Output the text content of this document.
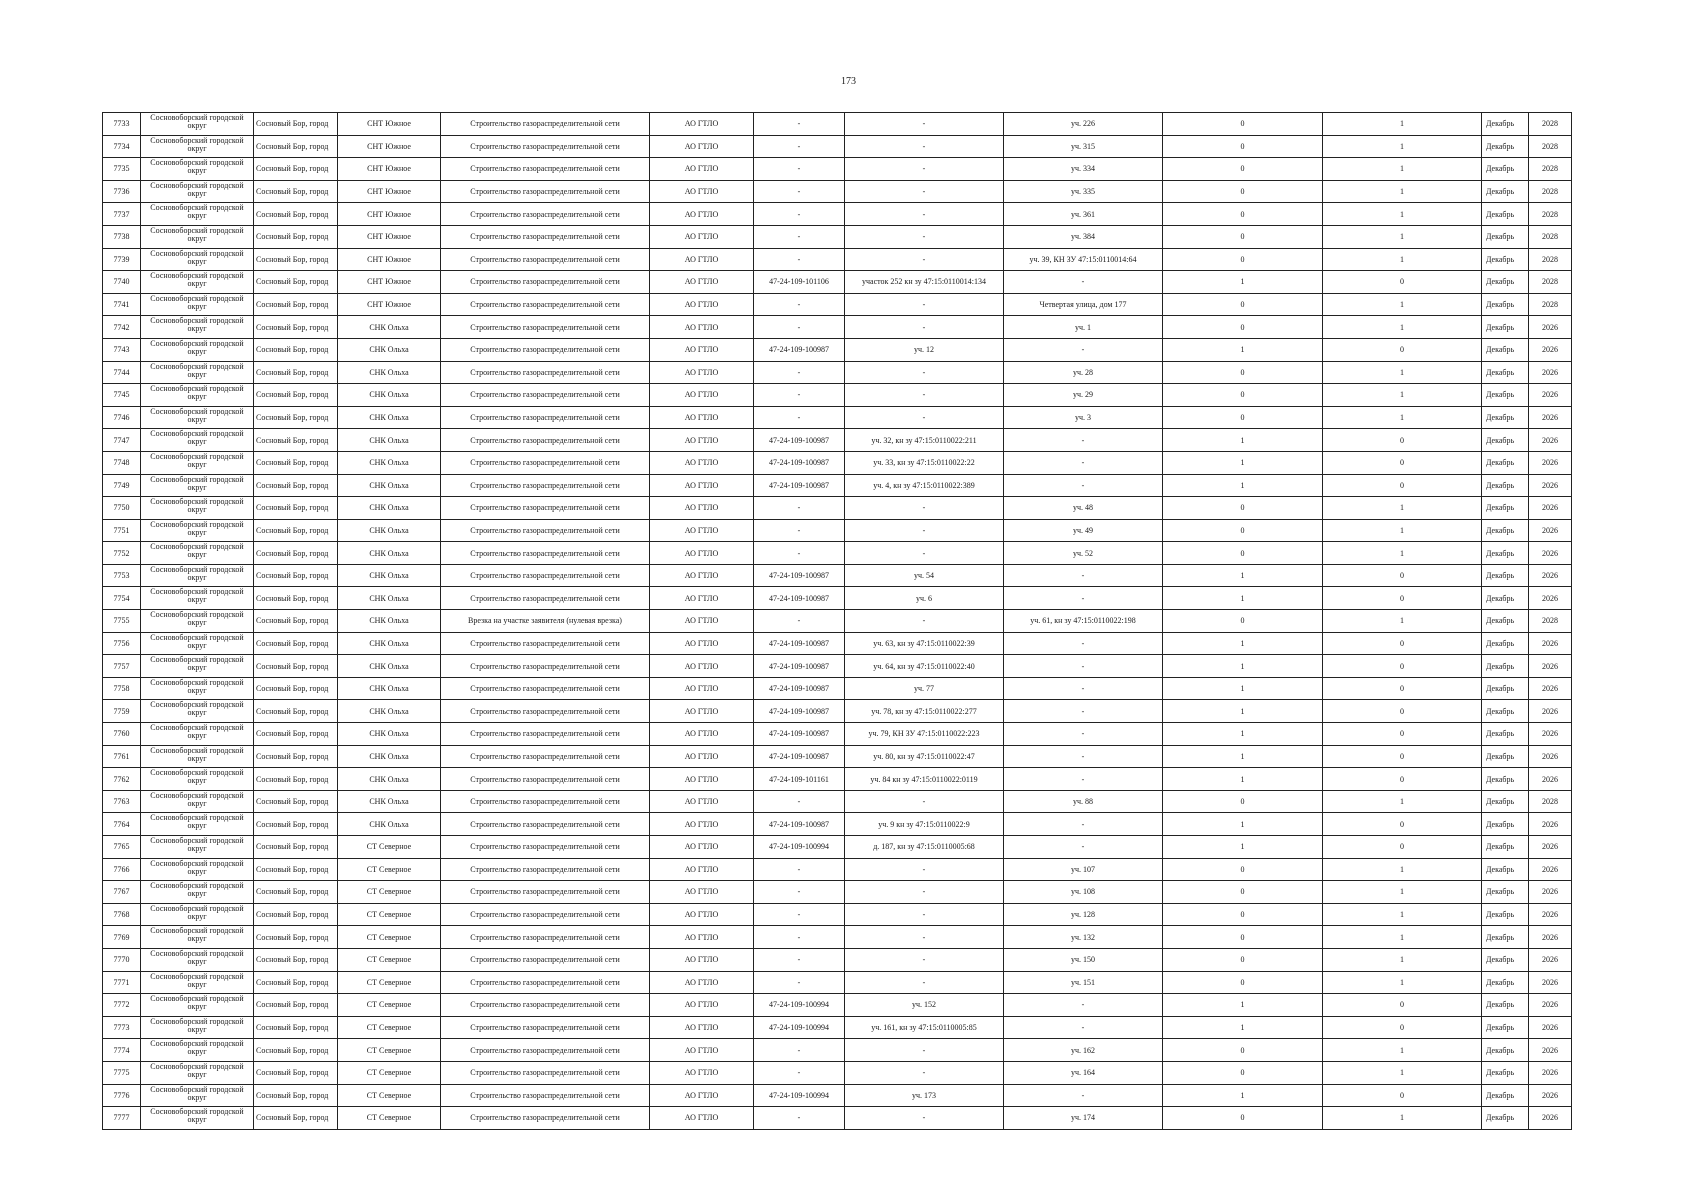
173
7733	Сосновоборский городской округ	Сосновый Бор, город	СНТ Южное	Строительство газораспределительной сети	АО ГТЛО	-	-	уч. 226	0	1	Декабрь	2028
7734	Сосновоборский городской округ	Сосновый Бор, город	СНТ Южное	Строительство газораспределительной сети	АО ГТЛО	-	-	уч. 315	0	1	Декабрь	2028
7735	Сосновоборский городской округ	Сосновый Бор, город	СНТ Южное	Строительство газораспределительной сети	АО ГТЛО	-	-	уч. 334	0	1	Декабрь	2028
7736	Сосновоборский городской округ	Сосновый Бор, город	СНТ Южное	Строительство газораспределительной сети	АО ГТЛО	-	-	уч. 335	0	1	Декабрь	2028
7737	Сосновоборский городской округ	Сосновый Бор, город	СНТ Южное	Строительство газораспределительной сети	АО ГТЛО	-	-	уч. 361	0	1	Декабрь	2028
7738	Сосновоборский городской округ	Сосновый Бор, город	СНТ Южное	Строительство газораспределительной сети	АО ГТЛО	-	-	уч. 384	0	1	Декабрь	2028
7739	Сосновоборский городской округ	Сосновый Бор, город	СНТ Южное	Строительство газораспределительной сети	АО ГТЛО	-	-	уч. 39, КН ЗУ 47:15:0110014:64	0	1	Декабрь	2028
7740	Сосновоборский городской округ	Сосновый Бор, город	СНТ Южное	Строительство газораспределительной сети	АО ГТЛО	47-24-109-101106	участок 252 кн зу 47:15:0110014:134	-	1	0	Декабрь	2028
7741	Сосновоборский городской округ	Сосновый Бор, город	СНТ Южное	Строительство газораспределительной сети	АО ГТЛО	-	-	Четвертая улица, дом 177	0	1	Декабрь	2028
7742	Сосновоборский городской округ	Сосновый Бор, город	СНК Ольха	Строительство газораспределительной сети	АО ГТЛО	-	-	уч. 1	0	1	Декабрь	2026
7743	Сосновоборский городской округ	Сосновый Бор, город	СНК Ольха	Строительство газораспределительной сети	АО ГТЛО	47-24-109-100987	уч. 12	-	1	0	Декабрь	2026
7744	Сосновоборский городской округ	Сосновый Бор, город	СНК Ольха	Строительство газораспределительной сети	АО ГТЛО	-	-	уч. 28	0	1	Декабрь	2026
7745	Сосновоборский городской округ	Сосновый Бор, город	СНК Ольха	Строительство газораспределительной сети	АО ГТЛО	-	-	уч. 29	0	1	Декабрь	2026
7746	Сосновоборский городской округ	Сосновый Бор, город	СНК Ольха	Строительство газораспределительной сети	АО ГТЛО	-	-	уч. 3	0	1	Декабрь	2026
7747	Сосновоборский городской округ	Сосновый Бор, город	СНК Ольха	Строительство газораспределительной сети	АО ГТЛО	47-24-109-100987	уч. 32, кн зу 47:15:0110022:211	-	1	0	Декабрь	2026
7748	Сосновоборский городской округ	Сосновый Бор, город	СНК Ольха	Строительство газораспределительной сети	АО ГТЛО	47-24-109-100987	уч. 33, кн зу 47:15:0110022:22	-	1	0	Декабрь	2026
7749	Сосновоборский городской округ	Сосновый Бор, город	СНК Ольха	Строительство газораспределительной сети	АО ГТЛО	47-24-109-100987	уч. 4, кн зу 47:15:0110022:389	-	1	0	Декабрь	2026
7750	Сосновоборский городской округ	Сосновый Бор, город	СНК Ольха	Строительство газораспределительной сети	АО ГТЛО	-	-	уч. 48	0	1	Декабрь	2026
7751	Сосновоборский городской округ	Сосновый Бор, город	СНК Ольха	Строительство газораспределительной сети	АО ГТЛО	-	-	уч. 49	0	1	Декабрь	2026
7752	Сосновоборский городской округ	Сосновый Бор, город	СНК Ольха	Строительство газораспределительной сети	АО ГТЛО	-	-	уч. 52	0	1	Декабрь	2026
7753	Сосновоборский городской округ	Сосновый Бор, город	СНК Ольха	Строительство газораспределительной сети	АО ГТЛО	47-24-109-100987	уч. 54	-	1	0	Декабрь	2026
7754	Сосновоборский городской округ	Сосновый Бор, город	СНК Ольха	Строительство газораспределительной сети	АО ГТЛО	47-24-109-100987	уч. 6	-	1	0	Декабрь	2026
7755	Сосновоборский городской округ	Сосновый Бор, город	СНК Ольха	Врезка на участке заявителя (нулевая врезка)	АО ГТЛО	-	-	уч. 61, кн зу 47:15:0110022:198	0	1	Декабрь	2028
7756	Сосновоборский городской округ	Сосновый Бор, город	СНК Ольха	Строительство газораспределительной сети	АО ГТЛО	47-24-109-100987	уч. 63, кн зу 47:15:0110022:39	-	1	0	Декабрь	2026
7757	Сосновоборский городской округ	Сосновый Бор, город	СНК Ольха	Строительство газораспределительной сети	АО ГТЛО	47-24-109-100987	уч. 64, кн зу 47:15:0110022:40	-	1	0	Декабрь	2026
7758	Сосновоборский городской округ	Сосновый Бор, город	СНК Ольха	Строительство газораспределительной сети	АО ГТЛО	47-24-109-100987	уч. 77	-	1	0	Декабрь	2026
7759	Сосновоборский городской округ	Сосновый Бор, город	СНК Ольха	Строительство газораспределительной сети	АО ГТЛО	47-24-109-100987	уч. 78, кн зу 47:15:0110022:277	-	1	0	Декабрь	2026
7760	Сосновоборский городской округ	Сосновый Бор, город	СНК Ольха	Строительство газораспределительной сети	АО ГТЛО	47-24-109-100987	уч. 79, КН ЗУ 47:15:0110022:223	-	1	0	Декабрь	2026
7761	Сосновоборский городской округ	Сосновый Бор, город	СНК Ольха	Строительство газораспределительной сети	АО ГТЛО	47-24-109-100987	уч. 80, кн зу 47:15:0110022:47	-	1	0	Декабрь	2026
7762	Сосновоборский городской округ	Сосновый Бор, город	СНК Ольха	Строительство газораспределительной сети	АО ГТЛО	47-24-109-101161	уч. 84 кн зу 47:15:0110022:0119	-	1	0	Декабрь	2026
7763	Сосновоборский городской округ	Сосновый Бор, город	СНК Ольха	Строительство газораспределительной сети	АО ГТЛО	-	-	уч. 88	0	1	Декабрь	2028
7764	Сосновоборский городской округ	Сосновый Бор, город	СНК Ольха	Строительство газораспределительной сети	АО ГТЛО	47-24-109-100987	уч. 9 кн зу 47:15:0110022:9	-	1	0	Декабрь	2026
7765	Сосновоборский городской округ	Сосновый Бор, город	СТ Северное	Строительство газораспределительной сети	АО ГТЛО	47-24-109-100994	д. 187, кн зу 47:15:0110005:68	-	1	0	Декабрь	2026
7766	Сосновоборский городской округ	Сосновый Бор, город	СТ Северное	Строительство газораспределительной сети	АО ГТЛО	-	-	уч. 107	0	1	Декабрь	2026
7767	Сосновоборский городской округ	Сосновый Бор, город	СТ Северное	Строительство газораспределительной сети	АО ГТЛО	-	-	уч. 108	0	1	Декабрь	2026
7768	Сосновоборский городской округ	Сосновый Бор, город	СТ Северное	Строительство газораспределительной сети	АО ГТЛО	-	-	уч. 128	0	1	Декабрь	2026
7769	Сосновоборский городской округ	Сосновый Бор, город	СТ Северное	Строительство газораспределительной сети	АО ГТЛО	-	-	уч. 132	0	1	Декабрь	2026
7770	Сосновоборский городской округ	Сосновый Бор, город	СТ Северное	Строительство газораспределительной сети	АО ГТЛО	-	-	уч. 150	0	1	Декабрь	2026
7771	Сосновоборский городской округ	Сосновый Бор, город	СТ Северное	Строительство газораспределительной сети	АО ГТЛО	-	-	уч. 151	0	1	Декабрь	2026
7772	Сосновоборский городской округ	Сосновый Бор, город	СТ Северное	Строительство газораспределительной сети	АО ГТЛО	47-24-109-100994	уч. 152	-	1	0	Декабрь	2026
7773	Сосновоборский городской округ	Сосновый Бор, город	СТ Северное	Строительство газораспределительной сети	АО ГТЛО	47-24-109-100994	уч. 161, кн зу 47:15:0110005:85	-	1	0	Декабрь	2026
7774	Сосновоборский городской округ	Сосновый Бор, город	СТ Северное	Строительство газораспределительной сети	АО ГТЛО	-	-	уч. 162	0	1	Декабрь	2026
7775	Сосновоборский городской округ	Сосновый Бор, город	СТ Северное	Строительство газораспределительной сети	АО ГТЛО	-	-	уч. 164	0	1	Декабрь	2026
7776	Сосновоборский городской округ	Сосновый Бор, город	СТ Северное	Строительство газораспределительной сети	АО ГТЛО	47-24-109-100994	уч. 173	-	1	0	Декабрь	2026
7777	Сосновоборский городской округ	Сосновый Бор, город	СТ Северное	Строительство газораспределительной сети	АО ГТЛО	-	-	уч. 174	0	1	Декабрь	2026
